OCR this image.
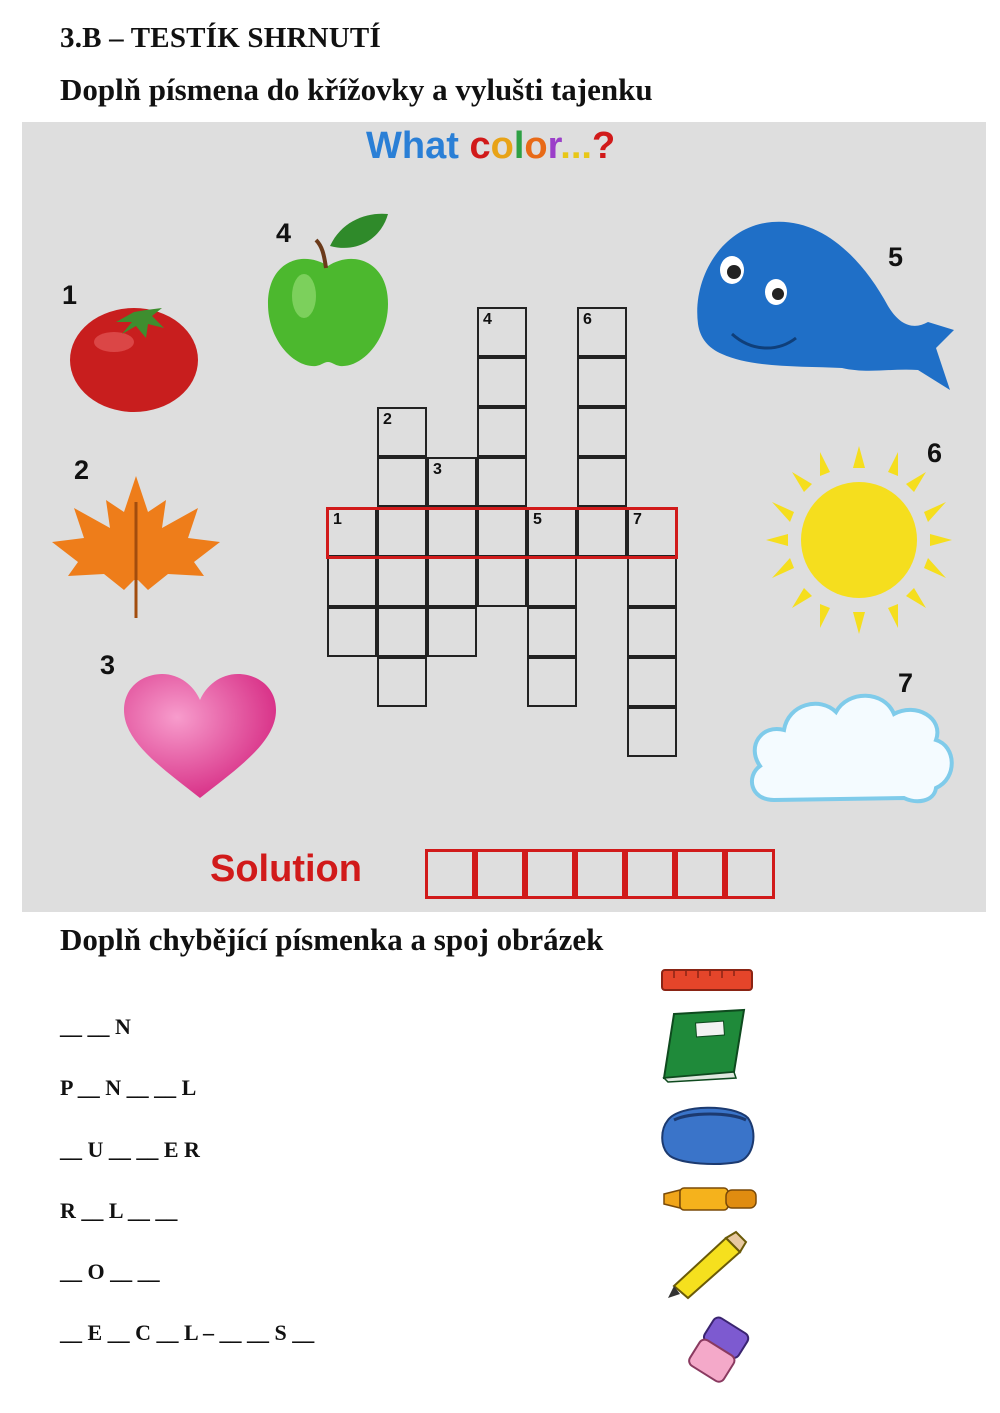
3.B – TESTÍK SHRNUTÍ
Doplň písmena do křížovky a vylušti tajenku
What color...?
1
2
3
4
5
6
7
1
2
3
4
5
6
7
Solution
Doplň chybějící písmenka a spoj obrázek
__ __ N
P __ N __ __ L
__ U __ __ E R
R __ L __ __
__ O __ __
__ E __ C __ L – __ __ S __
